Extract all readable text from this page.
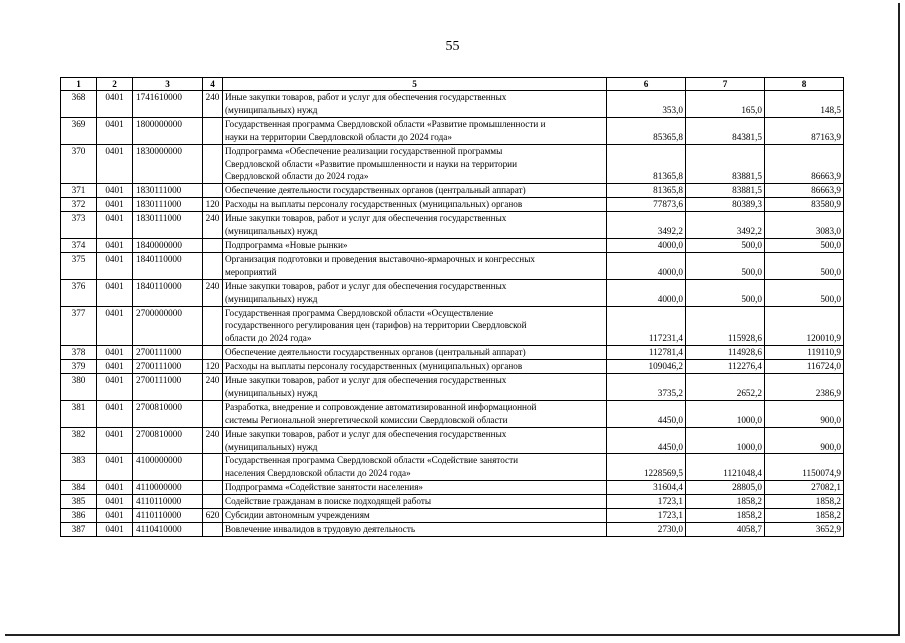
55
1	2	3	4	5	6	7	8
368	0401	1741610000	240	Иные закупки товаров, работ и услуг для обеспечения государственных
(муниципальных) нужд	353,0	165,0	148,5
369	0401	1800000000		Государственная программа Свердловской области «Развитие промышленности и
науки на территории Свердловской области до 2024 года»	85365,8	84381,5	87163,9
370	0401	1830000000		Подпрограмма «Обеспечение реализации государственной программы
Свердловской области «Развитие промышленности и науки на территории
Свердловской области до 2024 года»	81365,8	83881,5	86663,9
371	0401	1830111000		Обеспечение деятельности государственных органов (центральный аппарат)	81365,8	83881,5	86663,9
372	0401	1830111000	120	Расходы на выплаты персоналу государственных (муниципальных) органов	77873,6	80389,3	83580,9
373	0401	1830111000	240	Иные закупки товаров, работ и услуг для обеспечения государственных
(муниципальных) нужд	3492,2	3492,2	3083,0
374	0401	1840000000		Подпрограмма «Новые рынки»	4000,0	500,0	500,0
375	0401	1840110000		Организация подготовки и проведения выставочно-ярмарочных и конгрессных
мероприятий	4000,0	500,0	500,0
376	0401	1840110000	240	Иные закупки товаров, работ и услуг для обеспечения государственных
(муниципальных) нужд	4000,0	500,0	500,0
377	0401	2700000000		Государственная программа Свердловской области «Осуществление
государственного регулирования цен (тарифов) на территории Свердловской
области до 2024 года»	117231,4	115928,6	120010,9
378	0401	2700111000		Обеспечение деятельности государственных органов (центральный аппарат)	112781,4	114928,6	119110,9
379	0401	2700111000	120	Расходы на выплаты персоналу государственных (муниципальных) органов	109046,2	112276,4	116724,0
380	0401	2700111000	240	Иные закупки товаров, работ и услуг для обеспечения государственных
(муниципальных) нужд	3735,2	2652,2	2386,9
381	0401	2700810000		Разработка, внедрение и сопровождение автоматизированной информационной
системы Региональной энергетической комиссии Свердловской области	4450,0	1000,0	900,0
382	0401	2700810000	240	Иные закупки товаров, работ и услуг для обеспечения государственных
(муниципальных) нужд	4450,0	1000,0	900,0
383	0401	4100000000		Государственная программа Свердловской области «Содействие занятости
населения Свердловской области до 2024 года»	1228569,5	1121048,4	1150074,9
384	0401	4110000000		Подпрограмма «Содействие занятости населения»	31604,4	28805,0	27082,1
385	0401	4110110000		Содействие гражданам в поиске подходящей работы	1723,1	1858,2	1858,2
386	0401	4110110000	620	Субсидии автономным учреждениям	1723,1	1858,2	1858,2
387	0401	4110410000		Вовлечение инвалидов в трудовую деятельность	2730,0	4058,7	3652,9
